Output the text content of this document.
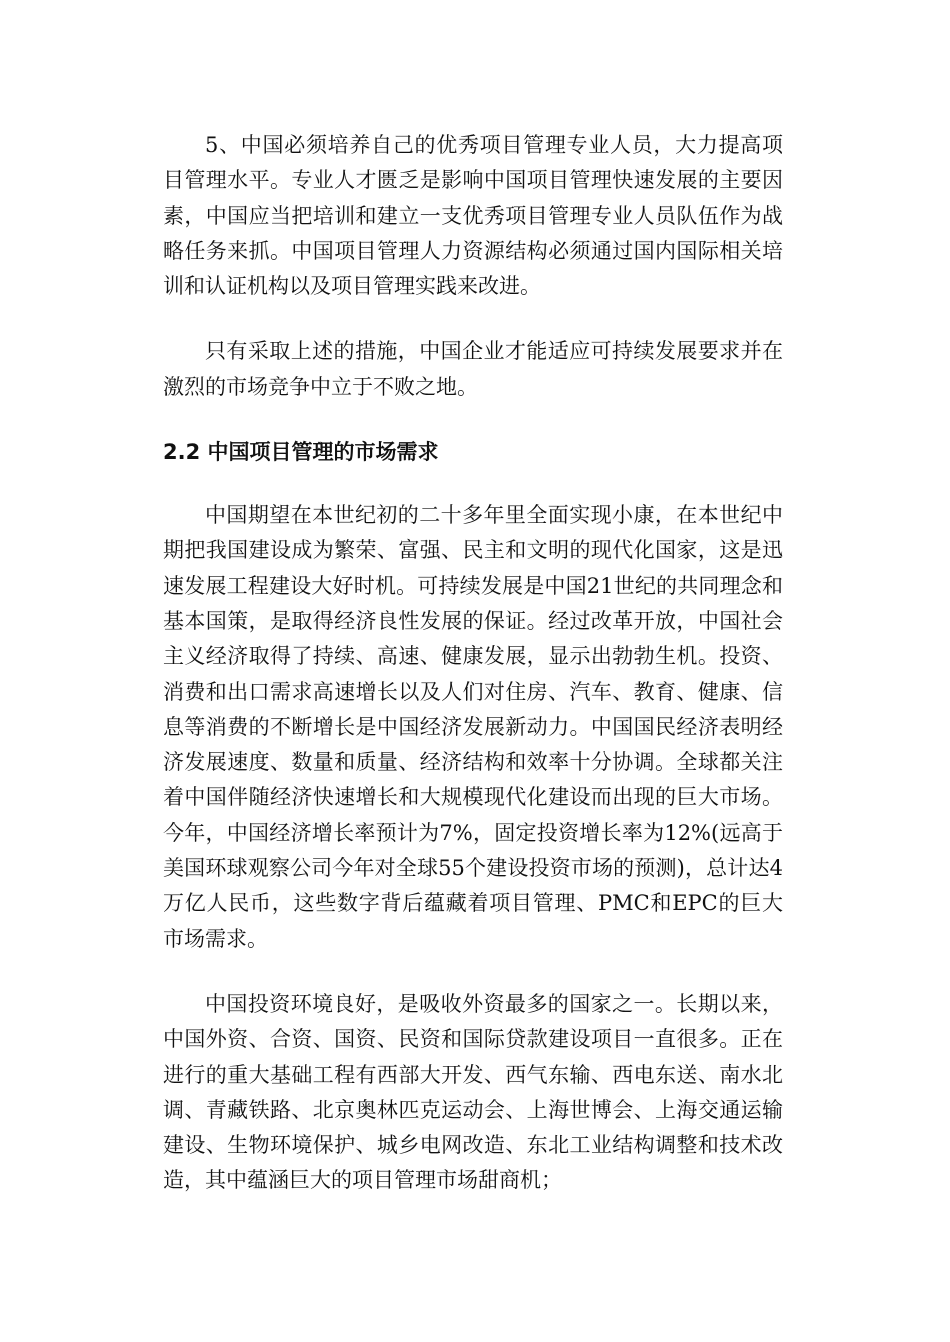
5、中国必须培养自己的优秀项目管理专业人员，大力提高项目管理水平。专业人才匮乏是影响中国项目管理快速发展的主要因素，中国应当把培训和建立一支优秀项目管理专业人员队伍作为战略任务来抓。中国项目管理人力资源结构必须通过国内国际相关培训和认证机构以及项目管理实践来改进。

只有采取上述的措施，中国企业才能适应可持续发展要求并在激烈的市场竞争中立于不败之地。

2.2 中国项目管理的市场需求

中国期望在本世纪初的二十多年里全面实现小康，在本世纪中期把我国建设成为繁荣、富强、民主和文明的现代化国家，这是迅速发展工程建设大好时机。可持续发展是中国21世纪的共同理念和基本国策，是取得经济良性发展的保证。经过改革开放，中国社会主义经济取得了持续、高速、健康发展，显示出勃勃生机。投资、消费和出口需求高速增长以及人们对住房、汽车、教育、健康、信息等消费的不断增长是中国经济发展新动力。中国国民经济表明经济发展速度、数量和质量、经济结构和效率十分协调。全球都关注着中国伴随经济快速增长和大规模现代化建设而出现的巨大市场。今年，中国经济增长率预计为7%，固定投资增长率为12%(远高于美国环球观察公司今年对全球55个建设投资市场的预测)，总计达4万亿人民币，这些数字背后蕴藏着项目管理、PMC和EPC的巨大市场需求。

中国投资环境良好，是吸收外资最多的国家之一。长期以来，中国外资、合资、国资、民资和国际贷款建设项目一直很多。正在进行的重大基础工程有西部大开发、西气东输、西电东送、南水北调、青藏铁路、北京奥林匹克运动会、上海世博会、上海交通运输建设、生物环境保护、城乡电网改造、东北工业结构调整和技术改造，其中蕴涵巨大的项目管理市场甜商机；
